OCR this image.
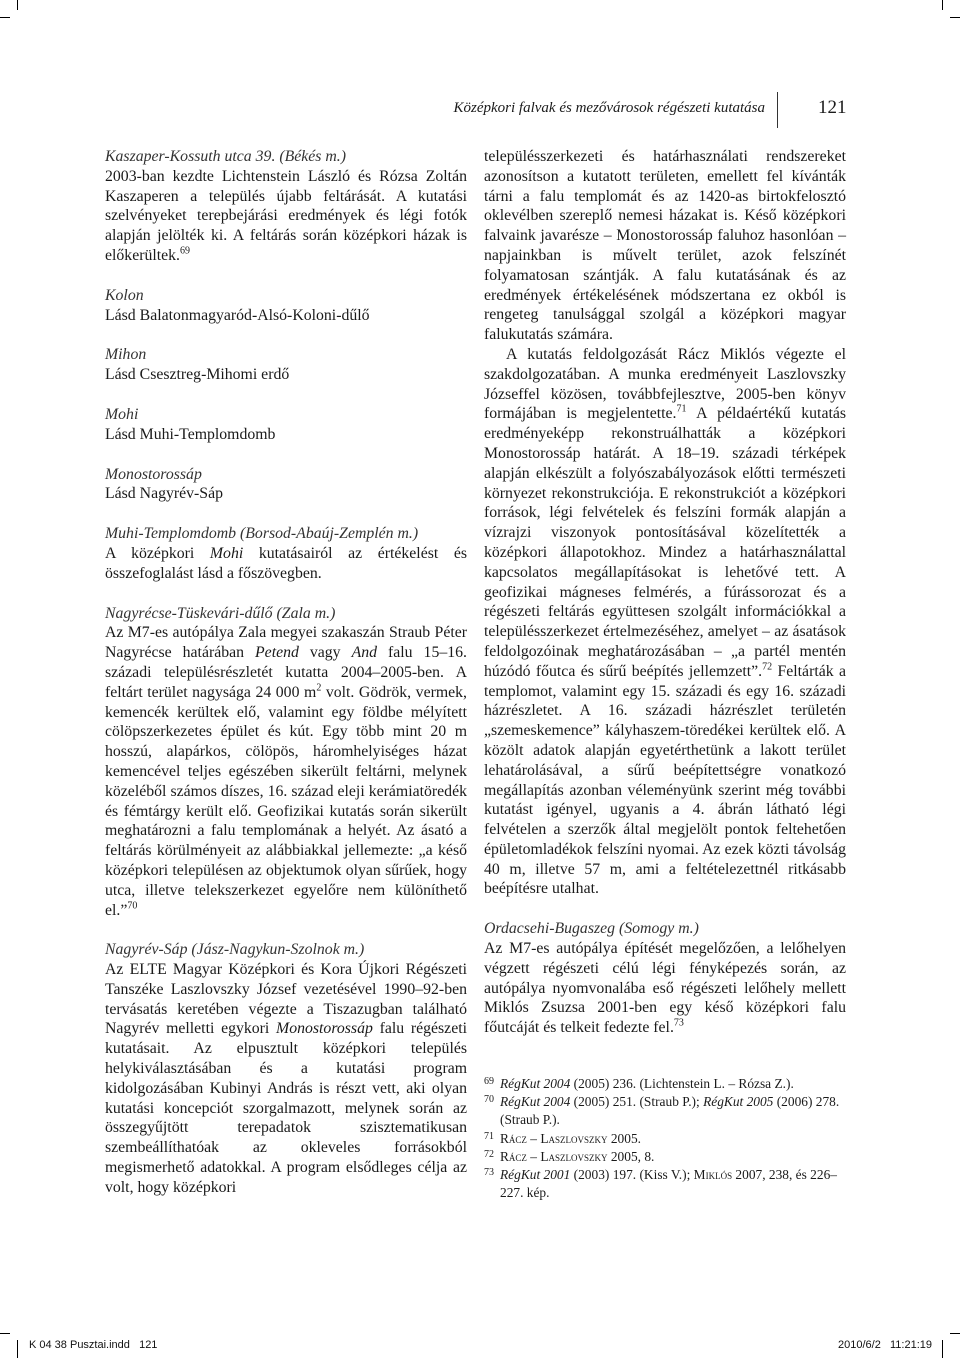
Középkori falvak és mezővárosok régészeti kutatása	121

Kaszaper-Kossuth utca 39. (Békés m.)

2003-ban kezdte Lichtenstein László és Rózsa Zoltán Kaszaperen a település újabb feltárását. A kutatási szelvényeket terepbejárási eredmények és légi fotók alapján jelölték ki. A feltárás során középkori házak is előkerültek.$^{69}$

Kolon

Lásd Balatonmagyaród-Alsó-Koloni-dűlő

Mihon

Lásd Csesztreg-Mihomi erdő

Mohi

Lásd Muhi-Templomdomb

Monostorossáp

Lásd Nagyrév-Sáp

Muhi-Templomdomb (Borsod-Abaúj-Zemplén m.)

A középkori Mohi kutatásairól az értékelést és összefoglalást lásd a főszövegben.

Nagyrécse-Tüskevári-dűlő (Zala m.)

Az M7-es autópálya Zala megyei szakaszán Straub Péter Nagyrécse határában Petend vagy And falu 15–16. századi településrészletét kutatta 2004–2005-ben. A feltárt terület nagysága 24 000 $m^2$ volt. Gödrök, vermek, kemencék kerültek elő, valamint egy földbe mélyített cölöpszerkezetes épület és kút. Egy több mint 20 m hosszú, alapárkos, cölöpös, háromhelyiséges házat kemencével teljes egészében sikerült feltárni, melynek közeléből számos díszes, 16. század eleji kerámiatöredék és fémtárgy került elő. Geofizikai kutatás során sikerült meghatározni a falu templomának a helyét. Az ásató a feltárás körülményeit az alábbiakkal jellemezte: „a késő középkori településen az objektumok olyan sűrűek, hogy utca, illetve telekszerkezet egyelőre nem különíthető el.”$^{70}$

Nagyrév-Sáp (Jász-Nagykun-Szolnok m.)

Az ELTE Magyar Középkori és Kora Újkori Régészeti Tanszéke Laszlovszky József vezetésével 1990–92-ben tervásatás keretében végezte a Tiszazugban található Nagyrév melletti egykori Monostorossáp falu régészeti kutatásait. Az elpusztult középkori település helykiválasztásában és a kutatási program kidolgozásában Kubinyi András is részt vett, aki olyan kutatási koncepciót szorgalmazott, melynek során az összegyűjtött terepadatok szisztematikusan szembeállíthatóak az okleveles forrásokból megismerhető adatokkal. A program elsődleges célja az volt, hogy középkori

településszerkezeti és határhasználati rendszereket azonosítson a kutatott területen, emellett fel kívánták tárni a falu templomát és az 1420-as birtokfelosztó oklevélben szereplő nemesi házakat is. Késő középkori falvaink javarésze – Monostorossáp faluhoz hasonlóan – napjainkban is művelt terület, azok felszínét folyamatosan szántják. A falu kutatásának és az eredmények értékelésének módszertana ez okból is rengeteg tanulsággal szolgál a középkori magyar falukutatás számára.

A kutatás feldolgozását Rácz Miklós végezte el szakdolgozatában. A munka eredményeit Laszlovszky Józseffel közösen, továbbfejlesztve, 2005-ben könyv formájában is megjelentette.$^{71}$ A példaértékű kutatás eredményeképp rekonstruálhatták a középkori Monostorossáp határát. A 18–19. századi térképek alapján elkészült a folyószabályozások előtti természeti környezet rekonstrukciója. E rekonstrukciót a középkori források, légi felvételek és felszíni formák alapján a vízrajzi viszonyok pontosításával közelítették a középkori állapotokhoz. Mindez a határhasználattal kapcsolatos megállapításokat is lehetővé tett. A geofizikai mágneses felmérés, a fúrássorozat és a régészeti feltárás együttesen szolgált információkkal a településszerkezet értelmezéséhez, amelyet – az ásatások feldolgozóinak meghatározásában – „a partél mentén húzódó főutca és sűrű beépítés jellemzett”.$^{72}$ Feltárták a templomot, valamint egy 15. századi és egy 16. századi házrészletet. A 16. századi házrészlet területén „szemeskemence” kályhaszem-töredékei kerültek elő. A közölt adatok alapján egyetérthetünk a lakott terület lehatárolásával, a sűrű beépítettségre vonatkozó megállapítás azonban véleményünk szerint még további kutatást igényel, ugyanis a 4. ábrán látható légi felvételen a szerzők által megjelölt pontok feltehetően épületomladékok felszíni nyomai. Az ezek közti távolság 40 m, illetve 57 m, ami a feltételezettnél ritkásabb beépítésre utalhat.

Ordacsehi-Bugaszeg (Somogy m.)

Az M7-es autópálya építését megelőzően, a lelőhelyen végzett régészeti célú légi fényképezés során, az autópálya nyomvonalába eső régészeti lelőhely mellett Miklós Zsuzsa 2001-ben egy késő középkori falu főutcáját és telkeit fedezte fel.$^{73}$

69 RégKut 2004 (2005) 236. (Lichtenstein L. – Rózsa Z.).
70 RégKut 2004 (2005) 251. (Straub P.); RégKut 2005 (2006) 278. (Straub P.).
71 Rácz – Laszlovszky 2005.
72 Rácz – Laszlovszky 2005, 8.
73 RégKut 2001 (2003) 197. (Kiss V.); Miklós 2007, 238, és 226–227. kép.
K 04 38 Pusztai.indd   121	2010/6/2   11:21:19
